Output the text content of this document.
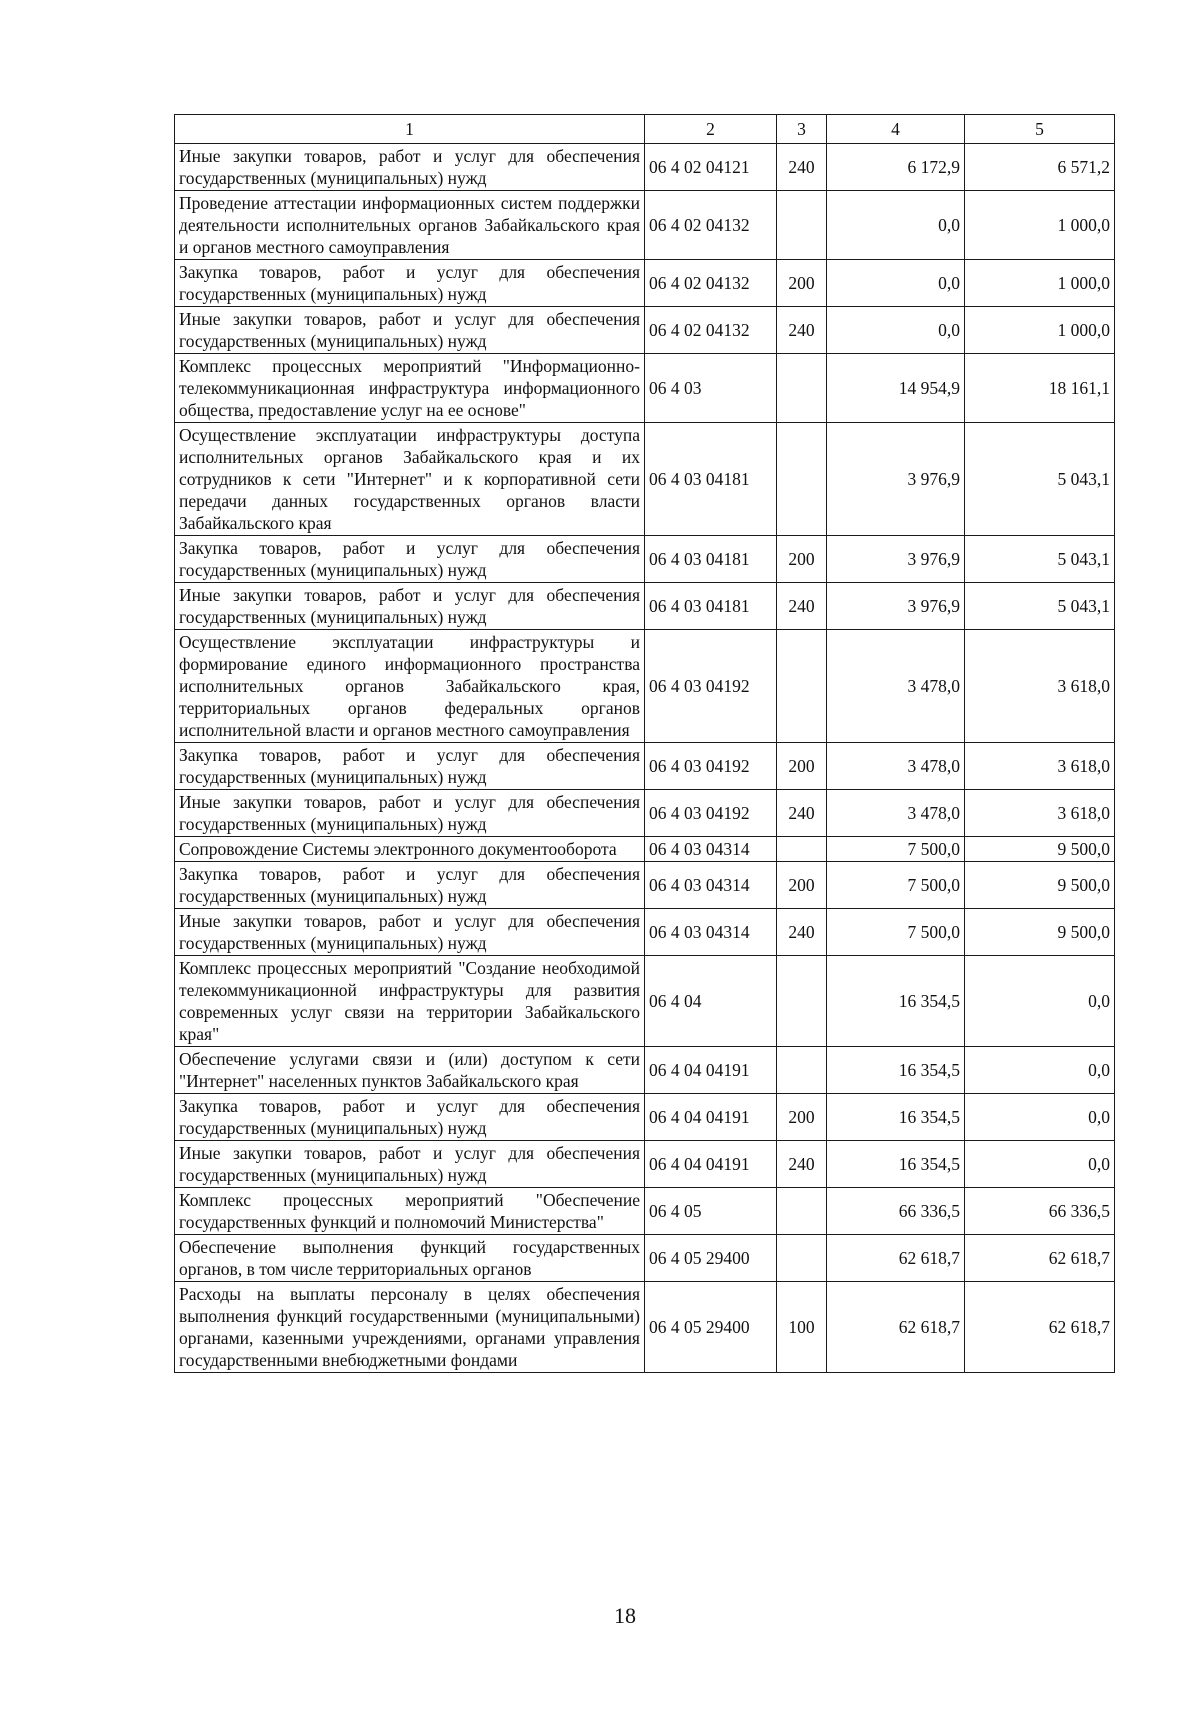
1	2	3	4	5
Иные закупки товаров, работ и услуг для обеспечения государственных (муниципальных) нужд	06 4 02 04121	240	6 172,9	6 571,2
Проведение аттестации информационных систем поддержки деятельности исполнительных органов Забайкальского края и органов местного самоуправления	06 4 02 04132		0,0	1 000,0
Закупка товаров, работ и услуг для обеспечения государственных (муниципальных) нужд	06 4 02 04132	200	0,0	1 000,0
Иные закупки товаров, работ и услуг для обеспечения государственных (муниципальных) нужд	06 4 02 04132	240	0,0	1 000,0
Комплекс процессных мероприятий "Информационно-телекоммуникационная инфраструктура информационного общества, предоставление услуг на ее основе"	06 4 03		14 954,9	18 161,1
Осуществление эксплуатации инфраструктуры доступа исполнительных органов Забайкальского края и их сотрудников к сети "Интернет" и к корпоративной сети передачи данных государственных органов власти Забайкальского края	06 4 03 04181		3 976,9	5 043,1
Закупка товаров, работ и услуг для обеспечения государственных (муниципальных) нужд	06 4 03 04181	200	3 976,9	5 043,1
Иные закупки товаров, работ и услуг для обеспечения государственных (муниципальных) нужд	06 4 03 04181	240	3 976,9	5 043,1
Осуществление эксплуатации инфраструктуры и формирование единого информационного пространства исполнительных органов Забайкальского края, территориальных органов федеральных органов исполнительной власти и органов местного самоуправления	06 4 03 04192		3 478,0	3 618,0
Закупка товаров, работ и услуг для обеспечения государственных (муниципальных) нужд	06 4 03 04192	200	3 478,0	3 618,0
Иные закупки товаров, работ и услуг для обеспечения государственных (муниципальных) нужд	06 4 03 04192	240	3 478,0	3 618,0
Сопровождение Системы электронного документооборота	06 4 03 04314		7 500,0	9 500,0
Закупка товаров, работ и услуг для обеспечения государственных (муниципальных) нужд	06 4 03 04314	200	7 500,0	9 500,0
Иные закупки товаров, работ и услуг для обеспечения государственных (муниципальных) нужд	06 4 03 04314	240	7 500,0	9 500,0
Комплекс процессных мероприятий "Создание необходимой телекоммуникационной инфраструктуры для развития современных услуг связи на территории Забайкальского края"	06 4 04		16 354,5	0,0
Обеспечение услугами связи и (или) доступом к сети "Интернет" населенных пунктов Забайкальского края	06 4 04 04191		16 354,5	0,0
Закупка товаров, работ и услуг для обеспечения государственных (муниципальных) нужд	06 4 04 04191	200	16 354,5	0,0
Иные закупки товаров, работ и услуг для обеспечения государственных (муниципальных) нужд	06 4 04 04191	240	16 354,5	0,0
Комплекс процессных мероприятий "Обеспечение государственных функций и полномочий Министерства"	06 4 05		66 336,5	66 336,5
Обеспечение выполнения функций государственных органов, в том числе территориальных органов	06 4 05 29400		62 618,7	62 618,7
Расходы на выплаты персоналу в целях обеспечения выполнения функций государственными (муниципальными) органами, казенными учреждениями, органами управления государственными внебюджетными фондами	06 4 05 29400	100	62 618,7	62 618,7
18
